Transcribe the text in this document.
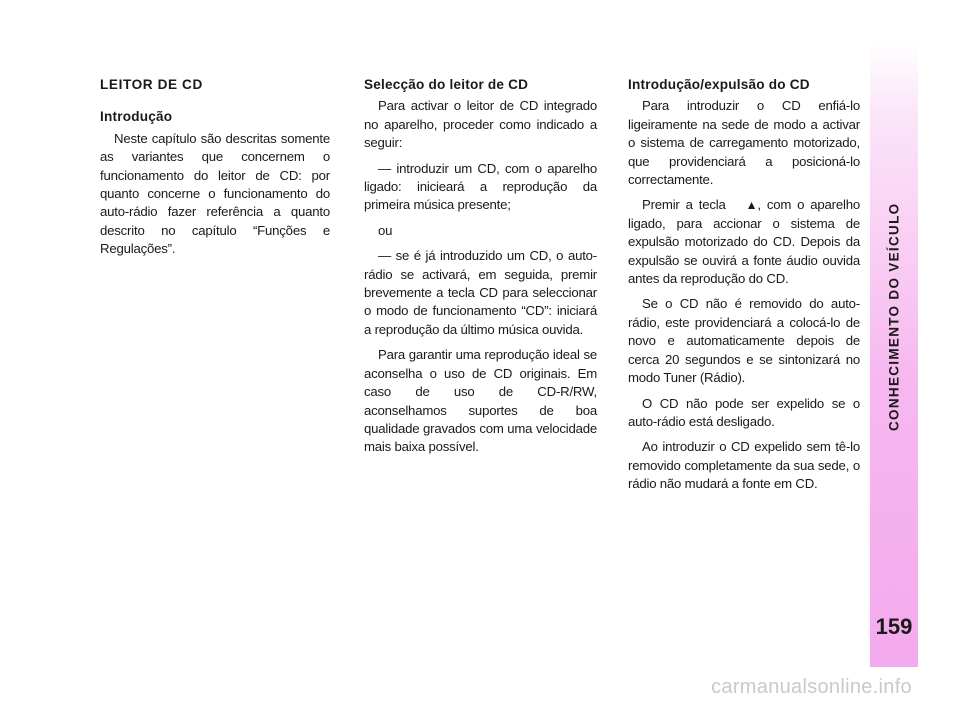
LEITOR DE CD
Introdução

Neste capítulo são descritas somente as variantes que concernem o funcionamento do leitor de CD: por quanto concerne o funcionamento do auto-rádio fazer referência a quanto descrito no capítulo “Funções e Regulações”.

Selecção do leitor de CD

Para activar o leitor de CD integrado no aparelho, proceder como indicado a seguir:

— introduzir um CD, com o aparelho ligado: inicieará a reprodução da primeira música presente;

ou

— se é já introduzido um CD, o auto-rádio se activará, em seguida, premir brevemente a tecla CD para seleccionar o modo de funcionamento “CD”: iniciará a reprodução da último música ouvida.

Para garantir uma reprodução ideal se aconselha o uso de CD originais. Em caso de uso de CD-R/RW, aconselhamos suportes de boa qualidade gravados com uma velocidade mais baixa possível.

Introdução/expulsão do CD

Para introduzir o CD enfiá-lo ligeiramente na sede de modo a activar o sistema de carregamento motorizado, que providenciará a posicioná-lo correctamente.

Premir a tecla ▲, com o aparelho ligado, para accionar o sistema de expulsão motorizado do CD. Depois da expulsão se ouvirá a fonte áudio ouvida antes da reprodução do CD.

Se o CD não é removido do auto-rádio, este providenciará a colocá-lo de novo e automaticamente depois de cerca 20 segundos e se sintonizará no modo Tuner (Rádio).

O CD não pode ser expelido se o auto-rádio está desligado.

Ao introduzir o CD expelido sem tê-lo removido completamente da sua sede, o rádio não mudará a fonte em CD.

CONHECIMENTO DO VEÍCULO
159
carmanualsonline.info
